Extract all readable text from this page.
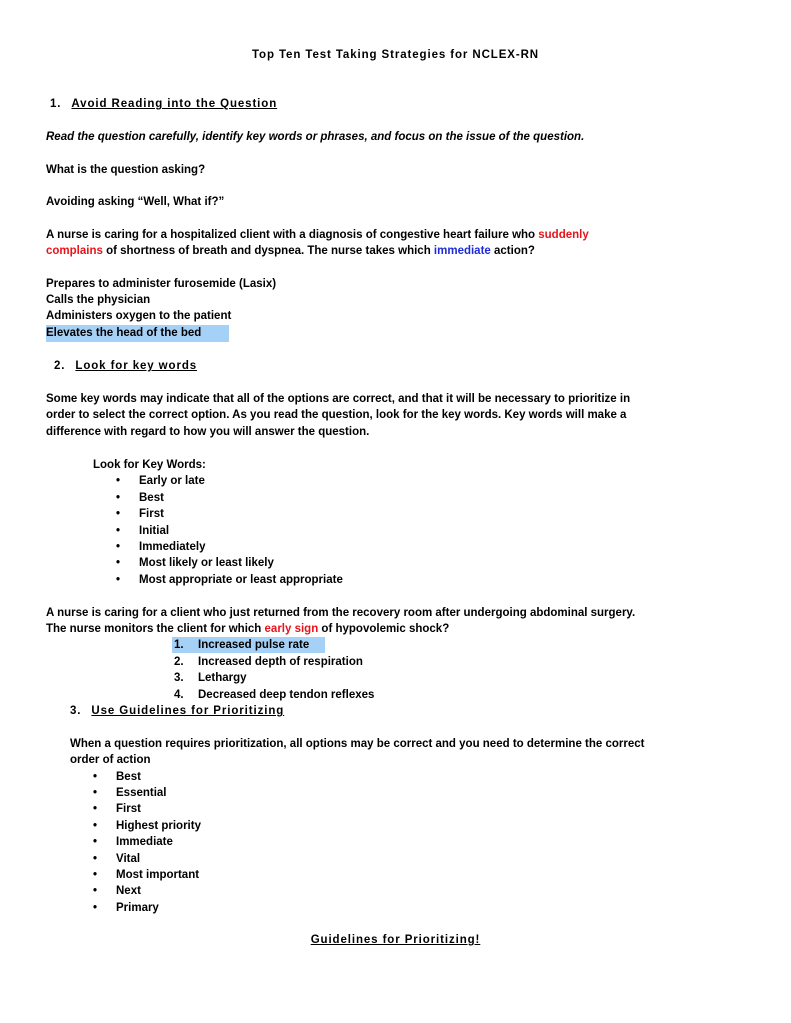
Top Ten Test Taking Strategies for NCLEX-RN
1. Avoid Reading into the Question
Read the question carefully, identify key words or phrases, and focus on the issue of the question.
What is the question asking?
Avoiding asking “Well, What if?”
A nurse is caring for a hospitalized client with a diagnosis of congestive heart failure who suddenly
complains of shortness of breath and dyspnea. The nurse takes which immediate action?
Prepares to administer furosemide (Lasix)
Calls the physician
Administers oxygen to the patient
Elevates the head of the bed
2. Look for key words
Some key words may indicate that all of the options are correct, and that it will be necessary to prioritize in
order to select the correct option. As you read the question, look for the key words. Key words will make a
difference with regard to how you will answer the question.
Look for Key Words:
• Early or late
• Best
• First
• Initial
• Immediately
• Most likely or least likely
• Most appropriate or least appropriate
A nurse is caring for a client who just returned from the recovery room after undergoing abdominal surgery.
The nurse monitors the client for which early sign of hypovolemic shock?
1. Increased pulse rate
2. Increased depth of respiration
3. Lethargy
4. Decreased deep tendon reflexes
3. Use Guidelines for Prioritizing
When a question requires prioritization, all options may be correct and you need to determine the correct
order of action
• Best
• Essential
• First
• Highest priority
• Immediate
• Vital
• Most important
• Next
• Primary
Guidelines for Prioritizing!
